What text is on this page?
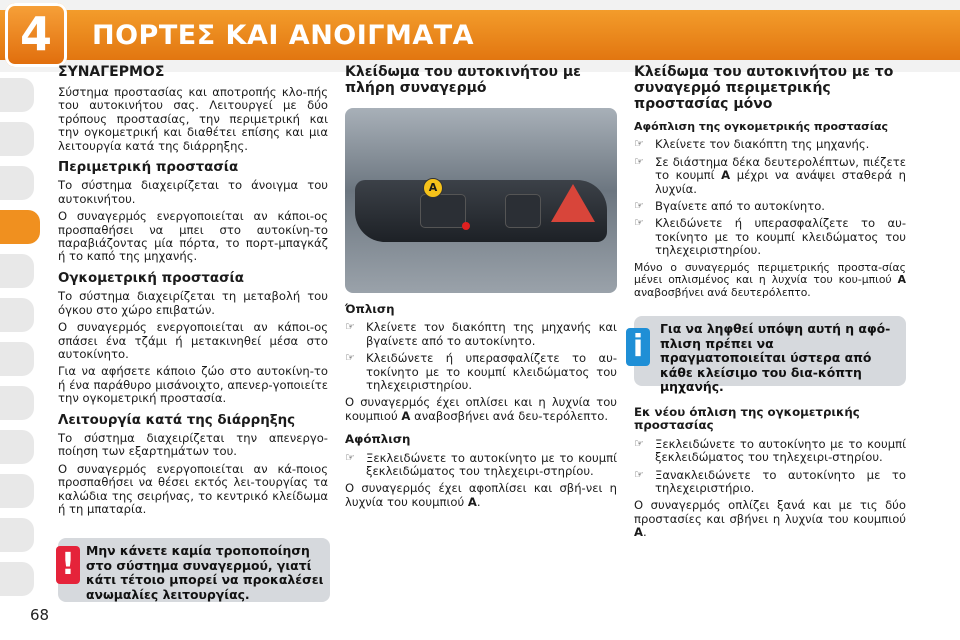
4	ΠΟΡΤΕΣ ΚΑΙ ΑΝΟΙΓΜΑΤΑ
ΣΥΝΑΓΕΡΜΟΣ

Σύστημα προστασίας και αποτροπής κλο-πής του αυτοκινήτου σας. Λειτουργεί με δύο τρόπους προστασίας, την περιμετρική και την ογκομετρική και διαθέτει επίσης και μια λειτουργία κατά της διάρρηξης.

Περιμετρική προστασία

Το σύστημα διαχειρίζεται το άνοιγμα του αυτοκινήτου.

Ο συναγερμός ενεργοποιείται αν κάποι-ος προσπαθήσει να μπει στο αυτοκίνη-το παραβιάζοντας μία πόρτα, το πορτ-μπαγκάζ ή το καπό της μηχανής.

Ογκομετρική προστασία

Το σύστημα διαχειρίζεται τη μεταβολή του όγκου στο χώρο επιβατών.

Ο συναγερμός ενεργοποιείται αν κάποι-ος σπάσει ένα τζάμι ή μετακινηθεί μέσα στο αυτοκίνητο.

Για να αφήσετε κάποιο ζώο στο αυτοκίνη-το ή ένα παράθυρο μισάνοιχτο, απενερ-γοποιείτε την ογκομετρική προστασία.

Λειτουργία κατά της διάρρηξης

Το σύστημα διαχειρίζεται την απενεργο-ποίηση των εξαρτημάτων του.

Ο συναγερμός ενεργοποιείται αν κά-ποιος προσπαθήσει να θέσει εκτός λει-τουργίας τα καλώδια της σειρήνας, το κεντρικό κλείδωμα ή τη μπαταρία.

! Μην κάνετε καμία τροποποίηση στο σύστημα συναγερμού, γιατί κάτι τέτοιο μπορεί να προκαλέσει ανωμαλίες λειτουργίας.
Κλείδωμα του αυτοκινήτου με πλήρη συναγερμό
A
Όπλιση
☞ Κλείνετε τον διακόπτη της μηχανής και βγαίνετε από το αυτοκίνητο.
☞ Κλειδώνετε ή υπερασφαλίζετε το αυ-τοκίνητο με το κουμπί κλειδώματος του τηλεχειριστηρίου.

Ο συναγερμός έχει οπλίσει και η λυχνία του κουμπιού A αναβοσβήνει ανά δευ-τερόλεπτο.

Αφόπλιση
☞ Ξεκλειδώνετε το αυτοκίνητο με το κουμπί ξεκλειδώματος του τηλεχειρι-στηρίου.

Ο συναγερμός έχει αφοπλίσει και σβή-νει η λυχνία του κουμπιού A.

Κλείδωμα του αυτοκινήτου με το συναγερμό περιμετρικής προστασίας μόνο
Αφόπλιση της ογκομετρικής προστασίας
☞ Κλείνετε τον διακόπτη της μηχανής.
☞ Σε διάστημα δέκα δευτερολέπτων, πιέζετε το κουμπί A μέχρι να ανάψει σταθερά η λυχνία.
☞ Βγαίνετε από το αυτοκίνητο.
☞ Κλειδώνετε ή υπερασφαλίζετε το αυ-τοκίνητο με το κουμπί κλειδώματος του τηλεχειριστηρίου.

Μόνο ο συναγερμός περιμετρικής προστα-σίας μένει οπλισμένος και η λυχνία του κου-μπιού A αναβοσβήνει ανά δευτερόλεπτο.

i
Για να ληφθεί υπόψη αυτή η αφό-πλιση πρέπει να πραγματοποιείται ύστερα από κάθε κλείσιμο του δια-κόπτη μηχανής.
Εκ νέου όπλιση της ογκομετρικής προστασίας
☞ Ξεκλειδώνετε το αυτοκίνητο με το κουμπί ξεκλειδώματος του τηλεχειρι-στηρίου.
☞ Ξανακλειδώνετε το αυτοκίνητο με το τηλεχειριστήριο.

Ο συναγερμός οπλίζει ξανά και με τις δύο προστασίες και σβήνει η λυχνία του κουμπιού A.

68
